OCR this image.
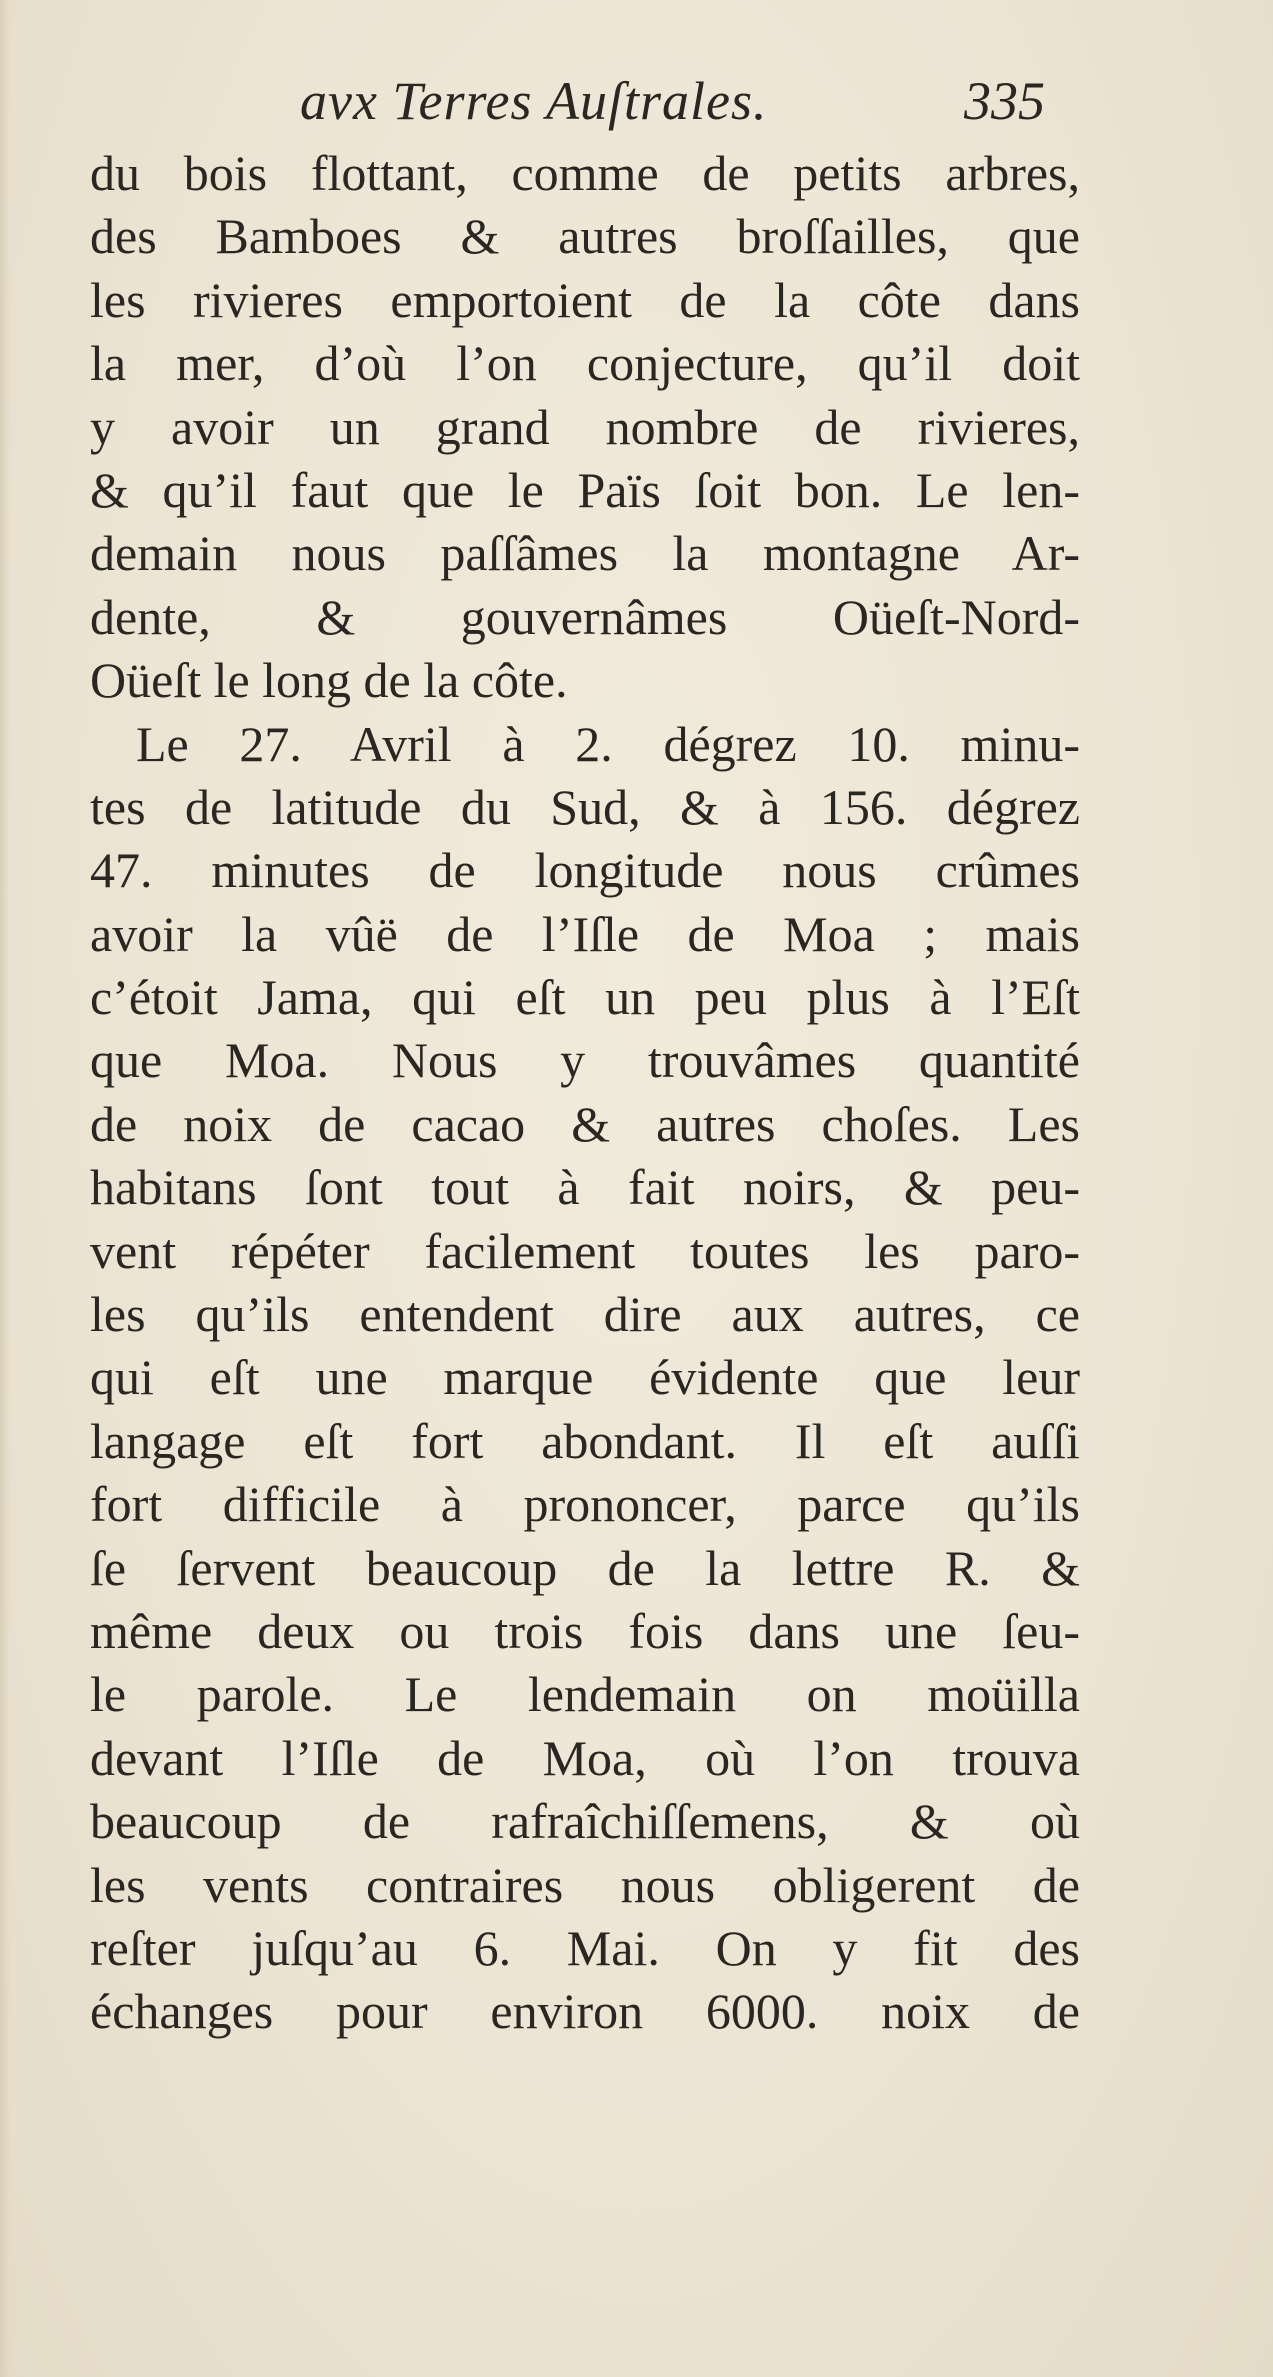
avx Terres Auſtrales.	335
du bois flottant, comme de petits arbres,
des Bamboes & autres broſſailles, que
les rivieres emportoient de la côte dans
la mer, d’où l’on conjecture, qu’il doit
y avoir un grand nombre de rivieres,
& qu’il faut que le Païs ſoit bon. Le len-
demain nous paſſâmes la montagne Ar-
dente, & gouvernâmes Oüeſt-Nord-
Oüeſt le long de la côte.
Le 27. Avril à 2. dégrez 10. minu-
tes de latitude du Sud, & à 156. dégrez
47. minutes de longitude nous crûmes
avoir la vûë de l’Iſle de Moa ; mais
c’étoit Jama, qui eſt un peu plus à l’Eſt
que Moa. Nous y trouvâmes quantité
de noix de cacao & autres choſes. Les
habitans ſont tout à fait noirs, & peu-
vent répéter facilement toutes les paro-
les qu’ils entendent dire aux autres, ce
qui eſt une marque évidente que leur
langage eſt fort abondant. Il eſt auſſi
fort difficile à prononcer, parce qu’ils
ſe ſervent beaucoup de la lettre R. &
même deux ou trois fois dans une ſeu-
le parole. Le lendemain on moüilla
devant l’Iſle de Moa, où l’on trouva
beaucoup de rafraîchiſſemens, & où
les vents contraires nous obligerent de
reſter juſqu’au 6. Mai. On y fit des
échanges pour environ 6000. noix de
